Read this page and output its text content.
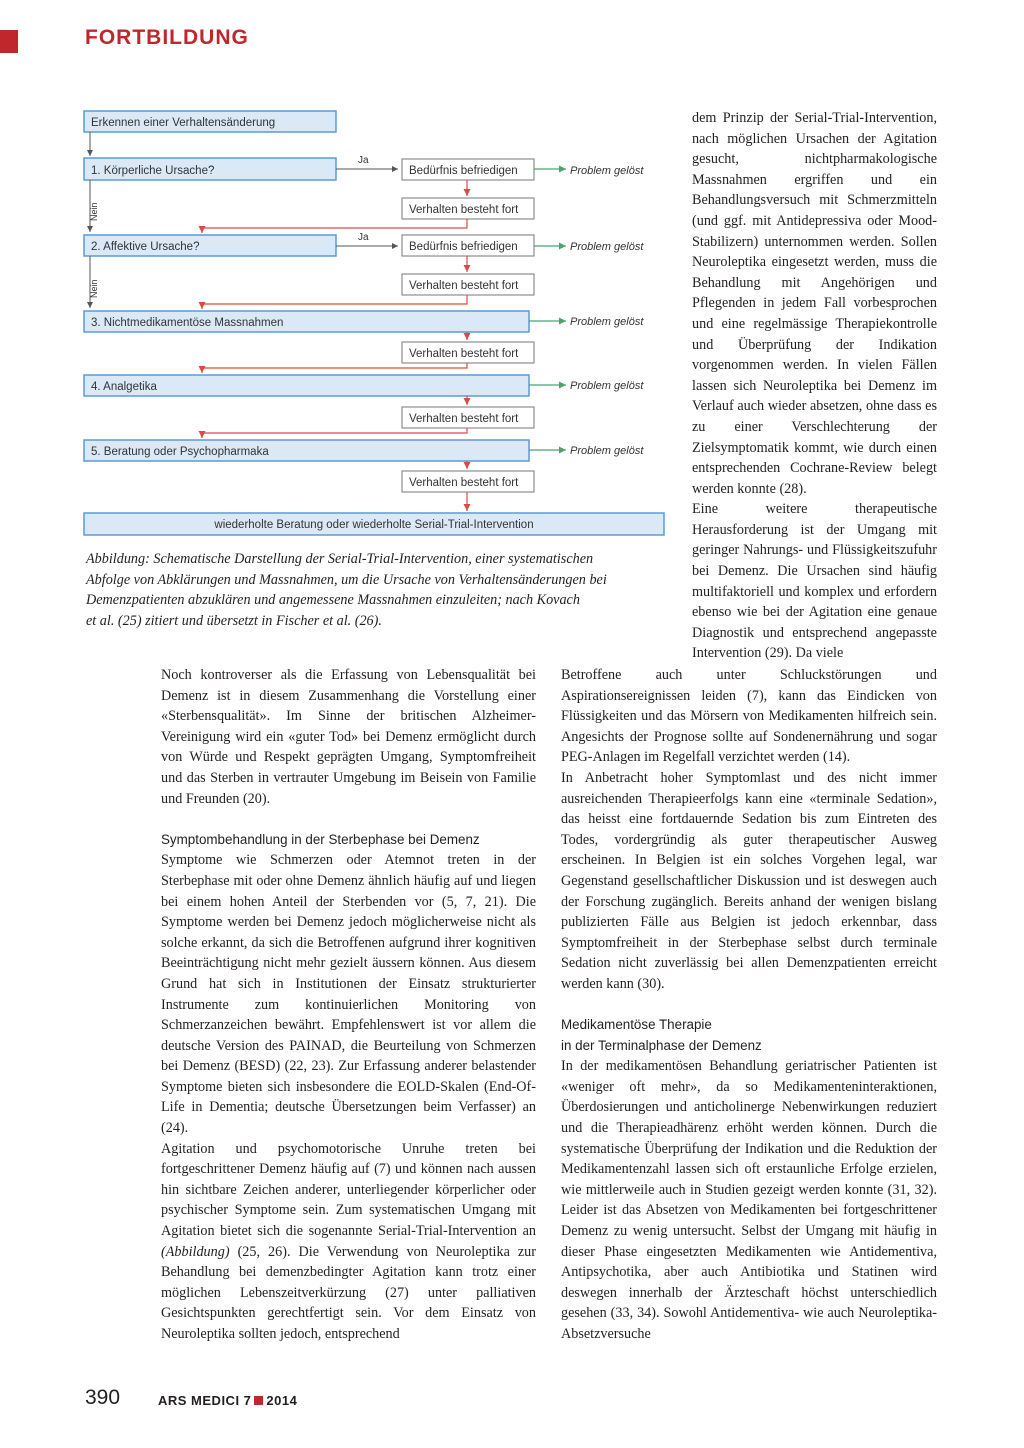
FORTBILDUNG
Erkennen einer Verhaltensänderung
1. Körperliche Ursache?
Ja
Bedürfnis befriedigen	Problem gelöst
Verhalten besteht fort
Nein
2. Affektive Ursache?
Ja
Bedürfnis befriedigen	Problem gelöst
Verhalten besteht fort
Nein
3. Nichtmedikamentöse Massnahmen	Problem gelöst
Verhalten besteht fort
4. Analgetika	Problem gelöst
Verhalten besteht fort
5. Beratung oder Psychopharmaka	Problem gelöst
Verhalten besteht fort
wiederholte Beratung oder wiederholte Serial-Trial-Intervention

Abbildung: Schematische Darstellung der Serial-Trial-Intervention, einer systematischen
Abfolge von Abklärungen und Massnahmen, um die Ursache von Verhaltensänderungen bei
Demenzpatienten abzuklären und angemessene Massnahmen einzuleiten; nach Kovach
et al. (25) zitiert und übersetzt in Fischer et al. (26).

dem Prinzip der Serial-Trial-Intervention, nach möglichen Ursachen der Agitation gesucht, nichtpharmakologische Massnahmen ergriffen und ein Behandlungsversuch mit Schmerzmitteln (und ggf. mit Antidepressiva oder Mood-Stabilizern) unternommen werden. Sollen Neuroleptika eingesetzt werden, muss die Behandlung mit Angehörigen und Pflegenden in jedem Fall vorbesprochen und eine regelmässige Therapiekontrolle und Überprüfung der Indikation vorgenommen werden. In vielen Fällen lassen sich Neuroleptika bei Demenz im Verlauf auch wieder absetzen, ohne dass es zu einer Verschlechterung der Zielsymptomatik kommt, wie durch einen entsprechenden Cochrane-Review belegt werden konnte (28).

Eine weitere therapeutische Herausforderung ist der Umgang mit geringer Nahrungs- und Flüssigkeitszufuhr bei Demenz. Die Ursachen sind häufig multifaktoriell und komplex und erfordern ebenso wie bei der Agitation eine genaue Diagnostik und entsprechend angepasste Intervention (29). Da viele

Noch kontroverser als die Erfassung von Lebensqualität bei Demenz ist in diesem Zusammenhang die Vorstellung einer «Sterbensqualität». Im Sinne der britischen Alzheimer-Vereinigung wird ein «guter Tod» bei Demenz ermöglicht durch von Würde und Respekt geprägten Umgang, Symptomfreiheit und das Sterben in vertrauter Umgebung im Beisein von Familie und Freunden (20).

Symptombehandlung in der Sterbephase bei Demenz

Symptome wie Schmerzen oder Atemnot treten in der Sterbephase mit oder ohne Demenz ähnlich häufig auf und liegen bei einem hohen Anteil der Sterbenden vor (5, 7, 21). Die Symptome werden bei Demenz jedoch möglicherweise nicht als solche erkannt, da sich die Betroffenen aufgrund ihrer kognitiven Beeinträchtigung nicht mehr gezielt äussern können. Aus diesem Grund hat sich in Institutionen der Einsatz strukturierter Instrumente zum kontinuierlichen Monitoring von Schmerzanzeichen bewährt. Empfehlenswert ist vor allem die deutsche Version des PAINAD, die Beurteilung von Schmerzen bei Demenz (BESD) (22, 23). Zur Erfassung anderer belastender Symptome bieten sich insbesondere die EOLD-Skalen (End-Of-Life in Dementia; deutsche Übersetzungen beim Verfasser) an (24).

Agitation und psychomotorische Unruhe treten bei fortgeschrittener Demenz häufig auf (7) und können nach aussen hin sichtbare Zeichen anderer, unterliegender körperlicher oder psychischer Symptome sein. Zum systematischen Umgang mit Agitation bietet sich die sogenannte Serial-Trial-Intervention an (Abbildung) (25, 26). Die Verwendung von Neuroleptika zur Behandlung bei demenzbedingter Agitation kann trotz einer möglichen Lebenszeitverkürzung (27) unter palliativen Gesichtspunkten gerechtfertigt sein. Vor dem Einsatz von Neuroleptika sollten jedoch, entsprechend

Betroffene auch unter Schluckstörungen und Aspirationsereignissen leiden (7), kann das Eindicken von Flüssigkeiten und das Mörsern von Medikamenten hilfreich sein. Angesichts der Prognose sollte auf Sondenernährung und sogar PEG-Anlagen im Regelfall verzichtet werden (14).

In Anbetracht hoher Symptomlast und des nicht immer ausreichenden Therapieerfolgs kann eine «terminale Sedation», das heisst eine fortdauernde Sedation bis zum Eintreten des Todes, vordergründig als guter therapeutischer Ausweg erscheinen. In Belgien ist ein solches Vorgehen legal, war Gegenstand gesellschaftlicher Diskussion und ist deswegen auch der Forschung zugänglich. Bereits anhand der wenigen bislang publizierten Fälle aus Belgien ist jedoch erkennbar, dass Symptomfreiheit in der Sterbephase selbst durch terminale Sedation nicht zuverlässig bei allen Demenzpatienten erreicht werden kann (30).

Medikamentöse Therapie
in der Terminalphase der Demenz

In der medikamentösen Behandlung geriatrischer Patienten ist «weniger oft mehr», da so Medikamenteninteraktionen, Überdosierungen und anticholinerge Nebenwirkungen reduziert und die Therapieadhärenz erhöht werden können. Durch die systematische Überprüfung der Indikation und die Reduktion der Medikamentenzahl lassen sich oft erstaunliche Erfolge erzielen, wie mittlerweile auch in Studien gezeigt werden konnte (31, 32). Leider ist das Absetzen von Medikamenten bei fortgeschrittener Demenz zu wenig untersucht. Selbst der Umgang mit häufig in dieser Phase eingesetzten Medikamenten wie Antidementiva, Antipsychotika, aber auch Antibiotika und Statinen wird deswegen innerhalb der Ärzteschaft höchst unterschiedlich gesehen (33, 34). Sowohl Antidementiva- wie auch Neuroleptika-Absetzversuche

390	ARS MEDICI 7 2014
